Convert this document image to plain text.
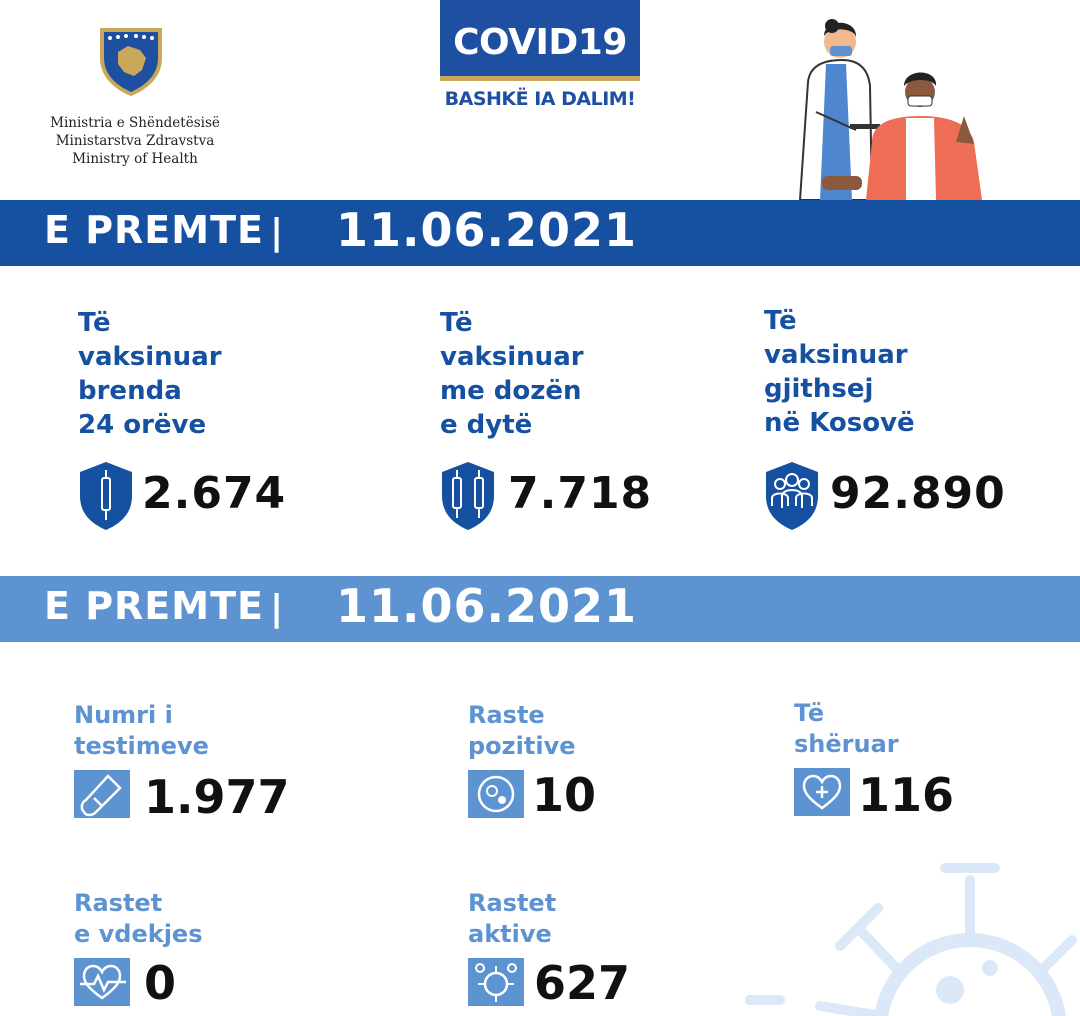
Ministria e Shëndetësisë
Ministarstva Zdravstva
Ministry of Health
COVID19
BASHKË IA DALIM!
E PREMTE | 11.06.2021
Të
vaksinuar
brenda
24 orëve
2.674
Të
vaksinuar
me dozën
e dytë
7.718
Të
vaksinuar
gjithsej
në Kosovë
92.890
E PREMTE | 11.06.2021
Numri i
testimeve
1.977
Raste
pozitive
10
Të
shëruar
116
Rastet
e vdekjes
0
Rastet
aktive
627
